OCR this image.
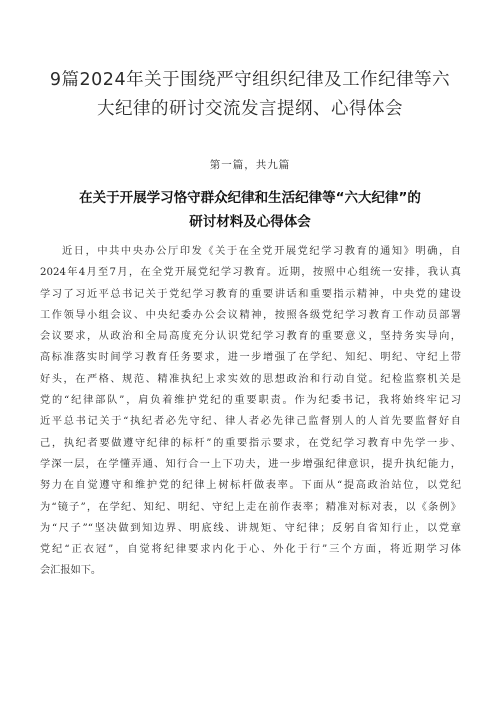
9篇2024年关于围绕严守组织纪律及工作纪律等六
大纪律的研讨交流发言提纲、心得体会
第一篇，共九篇
在关于开展学习恪守群众纪律和生活纪律等“六大纪律”的
研讨材料及心得体会
近日，中共中央办公厅印发《关于在全党开展党纪学习教育的通知》明确，自
2024年4月至7月，在全党开展党纪学习教育。近期，按照中心组统一安排，我认真
学习了习近平总书记关于党纪学习教育的重要讲话和重要指示精神，中央党的建设
工作领导小组会议、中央纪委办公会议精神，按照各级党纪学习教育工作动员部署
会议要求，从政治和全局高度充分认识党纪学习教育的重要意义，坚持务实导向，
高标准落实时间学习教育任务要求，进一步增强了在学纪、知纪、明纪、守纪上带
好头，在严格、规范、精准执纪上求实效的思想政治和行动自觉。纪检监察机关是
党的“纪律部队”，肩负着维护党纪的重要职责。作为纪委书记，我将始终牢记习
近平总书记关于“执纪者必先守纪、律人者必先律己监督别人的人首先要监督好自
己，执纪者要做遵守纪律的标杆”的重要指示要求，在党纪学习教育中先学一步、
学深一层，在学懂弄通、知行合一上下功夫，进一步增强纪律意识，提升执纪能力，
努力在自觉遵守和维护党的纪律上树标杆做表率。下面从“提高政治站位，以党纪
为“镜子”，在学纪、知纪、明纪、守纪上走在前作表率；精准对标对表，以《条例》
为“尺子”“坚决做到知边界、明底线、讲规矩、守纪律；反躬自省知行止，以党章
党纪“正衣冠”，自觉将纪律要求内化于心、外化于行”三个方面，将近期学习体
会汇报如下。
